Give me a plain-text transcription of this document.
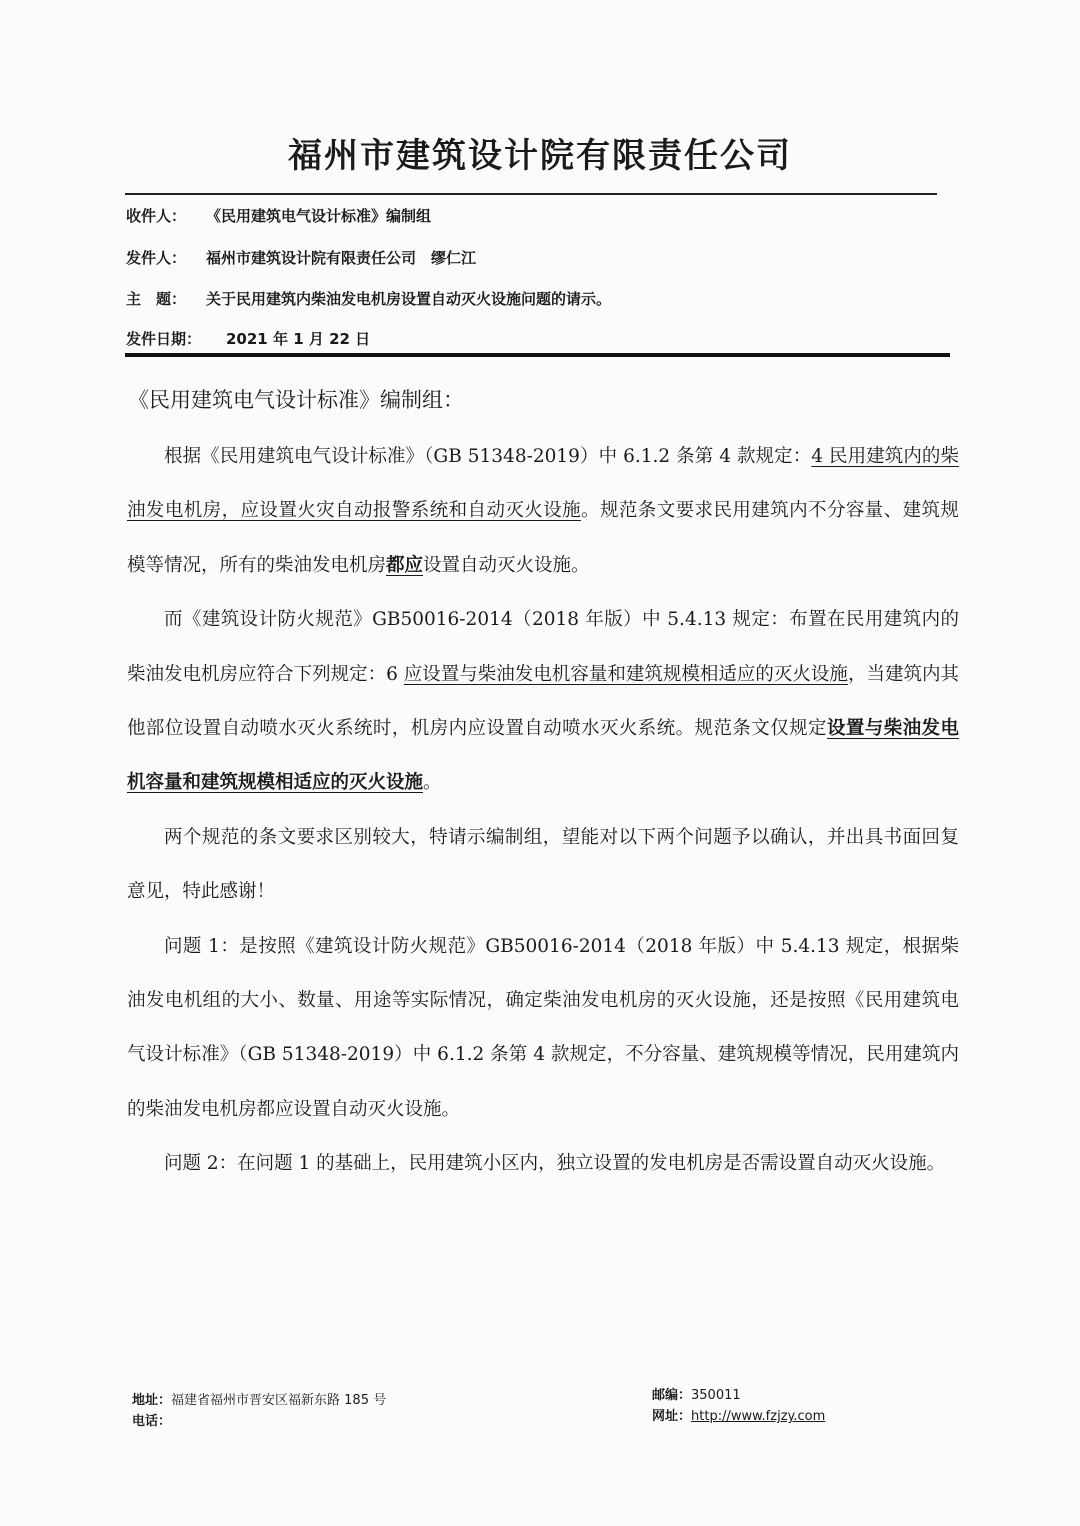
福州市建筑设计院有限责任公司
收件人： 《民用建筑电气设计标准》编制组
发件人： 福州市建筑设计院有限责任公司　缪仁江
主　题： 关于民用建筑内柴油发电机房设置自动灭火设施问题的请示。
发件日期： 2021 年 1 月 22 日
《民用建筑电气设计标准》编制组：

根据《民用建筑电气设计标准》（GB 51348-2019）中 6.1.2 条第 4 款规定：4 民用建筑内的柴油发电机房，应设置火灾自动报警系统和自动灭火设施。规范条文要求民用建筑内不分容量、建筑规模等情况，所有的柴油发电机房都应设置自动灭火设施。

而《建筑设计防火规范》GB50016-2014（2018 年版）中 5.4.13 规定：布置在民用建筑内的柴油发电机房应符合下列规定：6 应设置与柴油发电机容量和建筑规模相适应的灭火设施，当建筑内其他部位设置自动喷水灭火系统时，机房内应设置自动喷水灭火系统。规范条文仅规定设置与柴油发电机容量和建筑规模相适应的灭火设施。

两个规范的条文要求区别较大，特请示编制组，望能对以下两个问题予以确认，并出具书面回复意见，特此感谢！

问题 1：是按照《建筑设计防火规范》GB50016-2014（2018 年版）中 5.4.13 规定，根据柴油发电机组的大小、数量、用途等实际情况，确定柴油发电机房的灭火设施，还是按照《民用建筑电气设计标准》（GB 51348-2019）中 6.1.2 条第 4 款规定，不分容量、建筑规模等情况，民用建筑内的柴油发电机房都应设置自动灭火设施。

问题 2：在问题 1 的基础上，民用建筑小区内，独立设置的发电机房是否需设置自动灭火设施。

地址：福建省福州市晋安区福新东路 185 号
电话：
邮编：350011
网址：http://www.fzjzy.com
